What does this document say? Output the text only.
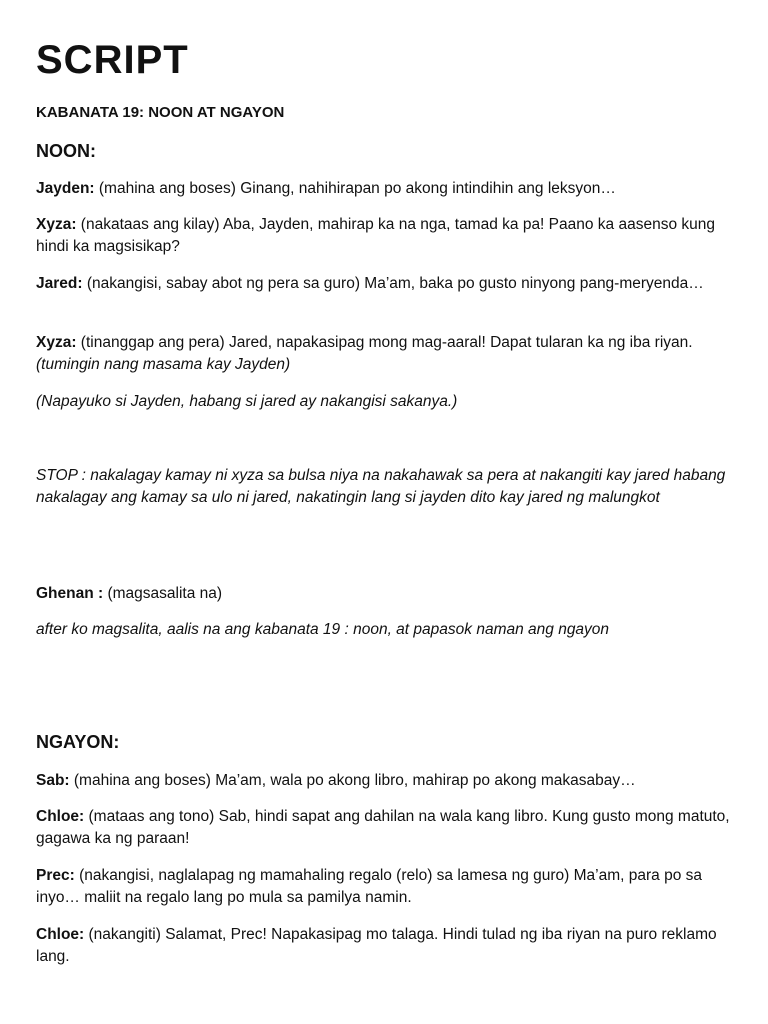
SCRIPT
KABANATA 19: NOON AT NGAYON
NOON:
Jayden: (mahina ang boses) Ginang, nahihirapan po akong intindihin ang leksyon…
Xyza: (nakataas ang kilay) Aba, Jayden, mahirap ka na nga, tamad ka pa! Paano ka aasenso kung hindi ka magsisikap?
Jared: (nakangisi, sabay abot ng pera sa guro) Ma’am, baka po gusto ninyong pang-meryenda…
Xyza: (tinanggap ang pera) Jared, napakasipag mong mag-aaral! Dapat tularan ka ng iba riyan.
(tumingin nang masama kay Jayden)
(Napayuko si Jayden, habang si jared ay nakangisi sakanya.)
STOP : nakalagay kamay ni xyza sa bulsa niya na nakahawak sa pera at nakangiti kay jared habang nakalagay ang kamay sa ulo ni jared, nakatingin lang si jayden dito kay jared ng malungkot
Ghenan : (magsasalita na)
after ko magsalita, aalis na ang kabanata 19 : noon, at papasok naman ang ngayon
NGAYON:
Sab: (mahina ang boses) Ma’am, wala po akong libro, mahirap po akong makasabay…
Chloe: (mataas ang tono) Sab, hindi sapat ang dahilan na wala kang libro. Kung gusto mong matuto, gagawa ka ng paraan!
Prec: (nakangisi, naglalapag ng mamahaling regalo (relo) sa lamesa ng guro) Ma’am, para po sa inyo… maliit na regalo lang po mula sa pamilya namin.
Chloe: (nakangiti) Salamat, Prec! Napakasipag mo talaga. Hindi tulad ng iba riyan na puro reklamo lang.
